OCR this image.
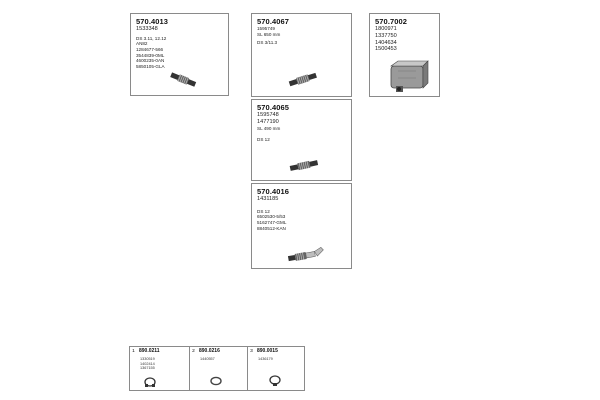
570.4013
1533348
DS 3.11, 12.12
AN82
1284677-566
3544839-0ML
4600235-0AN
5850105-GLA
570.4067
1595749
SL 650 mm
DS 3/11.3
570.7002
1800971
1337750
1404634
1500453
570.4065
1595748
1477190
SL 490 mm
DS 12
570.4016
1431185
DS 12
6502530-5/53
5162747-GML
8840512-KAN
1 890.0211
1330519
1402414
1367155
2 890.0216
1440557
3 890.0015
1436179
